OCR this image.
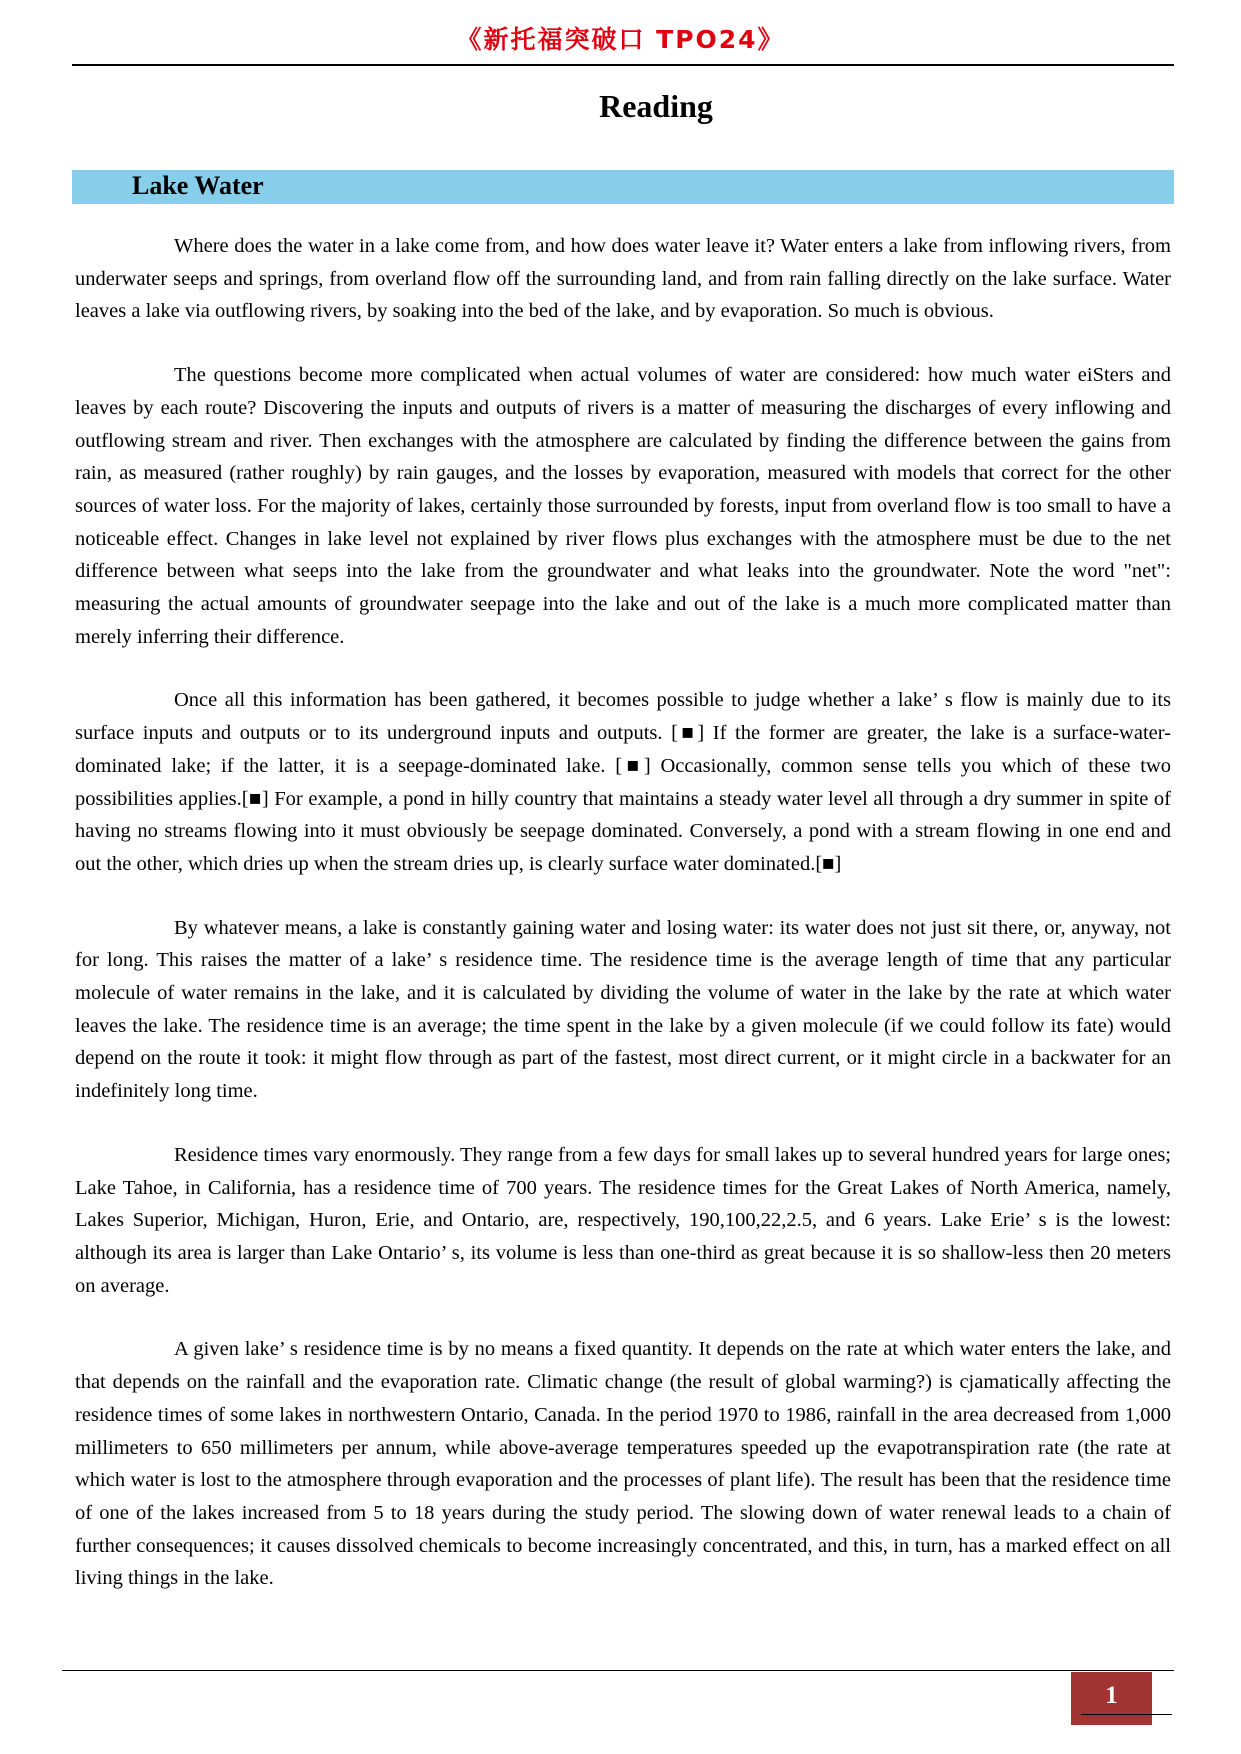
《新托福突破口 TPO24》
Reading
Lake Water

Where does the water in a lake come from, and how does water leave it? Water enters a lake from inflowing rivers, from underwater seeps and springs, from overland flow off the surrounding land, and from rain falling directly on the lake surface. Water leaves a lake via outflowing rivers, by soaking into the bed of the lake, and by evaporation. So much is obvious.

The questions become more complicated when actual volumes of water are considered: how much water eiSters and leaves by each route? Discovering the inputs and outputs of rivers is a matter of measuring the discharges of every inflowing and outflowing stream and river. Then exchanges with the atmosphere are calculated by finding the difference between the gains from rain, as measured (rather roughly) by rain gauges, and the losses by evaporation, measured with models that correct for the other sources of water loss. For the majority of lakes, certainly those surrounded by forests, input from overland flow is too small to have a noticeable effect. Changes in lake level not explained by river flows plus exchanges with the atmosphere must be due to the net difference between what seeps into the lake from the groundwater and what leaks into the groundwater. Note the word "net": measuring the actual amounts of groundwater seepage into the lake and out of the lake is a much more complicated matter than merely inferring their difference.

Once all this information has been gathered, it becomes possible to judge whether a lake’ s flow is mainly due to its surface inputs and outputs or to its underground inputs and outputs. [■] If the former are greater, the lake is a surface-water-dominated lake; if the latter, it is a seepage-dominated lake. [■] Occasionally, common sense tells you which of these two possibilities applies.[■] For example, a pond in hilly country that maintains a steady water level all through a dry summer in spite of having no streams flowing into it must obviously be seepage dominated. Conversely, a pond with a stream flowing in one end and out the other, which dries up when the stream dries up, is clearly surface water dominated.[■]

By whatever means, a lake is constantly gaining water and losing water: its water does not just sit there, or, anyway, not for long. This raises the matter of a lake’ s residence time. The residence time is the average length of time that any particular molecule of water remains in the lake, and it is calculated by dividing the volume of water in the lake by the rate at which water leaves the lake. The residence time is an average; the time spent in the lake by a given molecule (if we could follow its fate) would depend on the route it took: it might flow through as part of the fastest, most direct current, or it might circle in a backwater for an indefinitely long time.

Residence times vary enormously. They range from a few days for small lakes up to several hundred years for large ones; Lake Tahoe, in California, has a residence time of 700 years. The residence times for the Great Lakes of North America, namely, Lakes Superior, Michigan, Huron, Erie, and Ontario, are, respectively, 190,100,22,2.5, and 6 years. Lake Erie’ s is the lowest: although its area is larger than Lake Ontario’ s, its volume is less than one-third as great because it is so shallow-less then 20 meters on average.

A given lake’ s residence time is by no means a fixed quantity. It depends on the rate at which water enters the lake, and that depends on the rainfall and the evaporation rate. Climatic change (the result of global warming?) is cjamatically affecting the residence times of some lakes in northwestern Ontario, Canada. In the period 1970 to 1986, rainfall in the area decreased from 1,000 millimeters to 650 millimeters per annum, while above-average temperatures speeded up the evapotranspiration rate (the rate at which water is lost to the atmosphere through evaporation and the processes of plant life). The result has been that the residence time of one of the lakes increased from 5 to 18 years during the study period. The slowing down of water renewal leads to a chain of further consequences; it causes dissolved chemicals to become increasingly concentrated, and this, in turn, has a marked effect on all living things in the lake.

1
